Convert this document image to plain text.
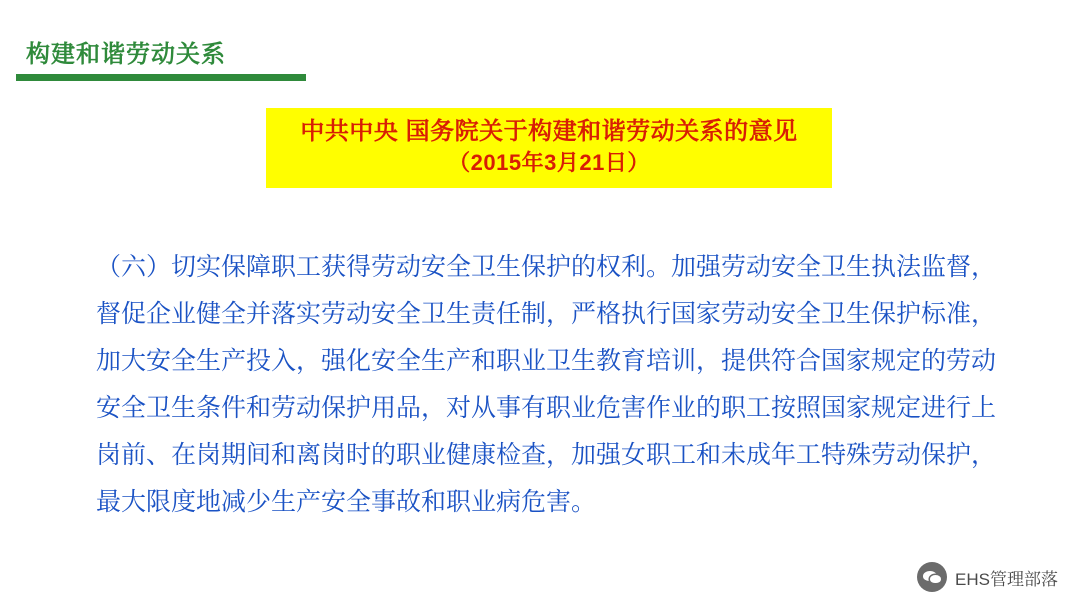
构建和谐劳动关系
中共中央 国务院关于构建和谐劳动关系的意见
（2015年3月21日）
（六）切实保障职工获得劳动安全卫生保护的权利。加强劳动安全卫生执法监督，督促企业健全并落实劳动安全卫生责任制，严格执行国家劳动安全卫生保护标准，加大安全生产投入，强化安全生产和职业卫生教育培训，提供符合国家规定的劳动安全卫生条件和劳动保护用品，对从事有职业危害作业的职工按照国家规定进行上岗前、在岗期间和离岗时的职业健康检查，加强女职工和未成年工特殊劳动保护，最大限度地减少生产安全事故和职业病危害。
EHS管理部落
